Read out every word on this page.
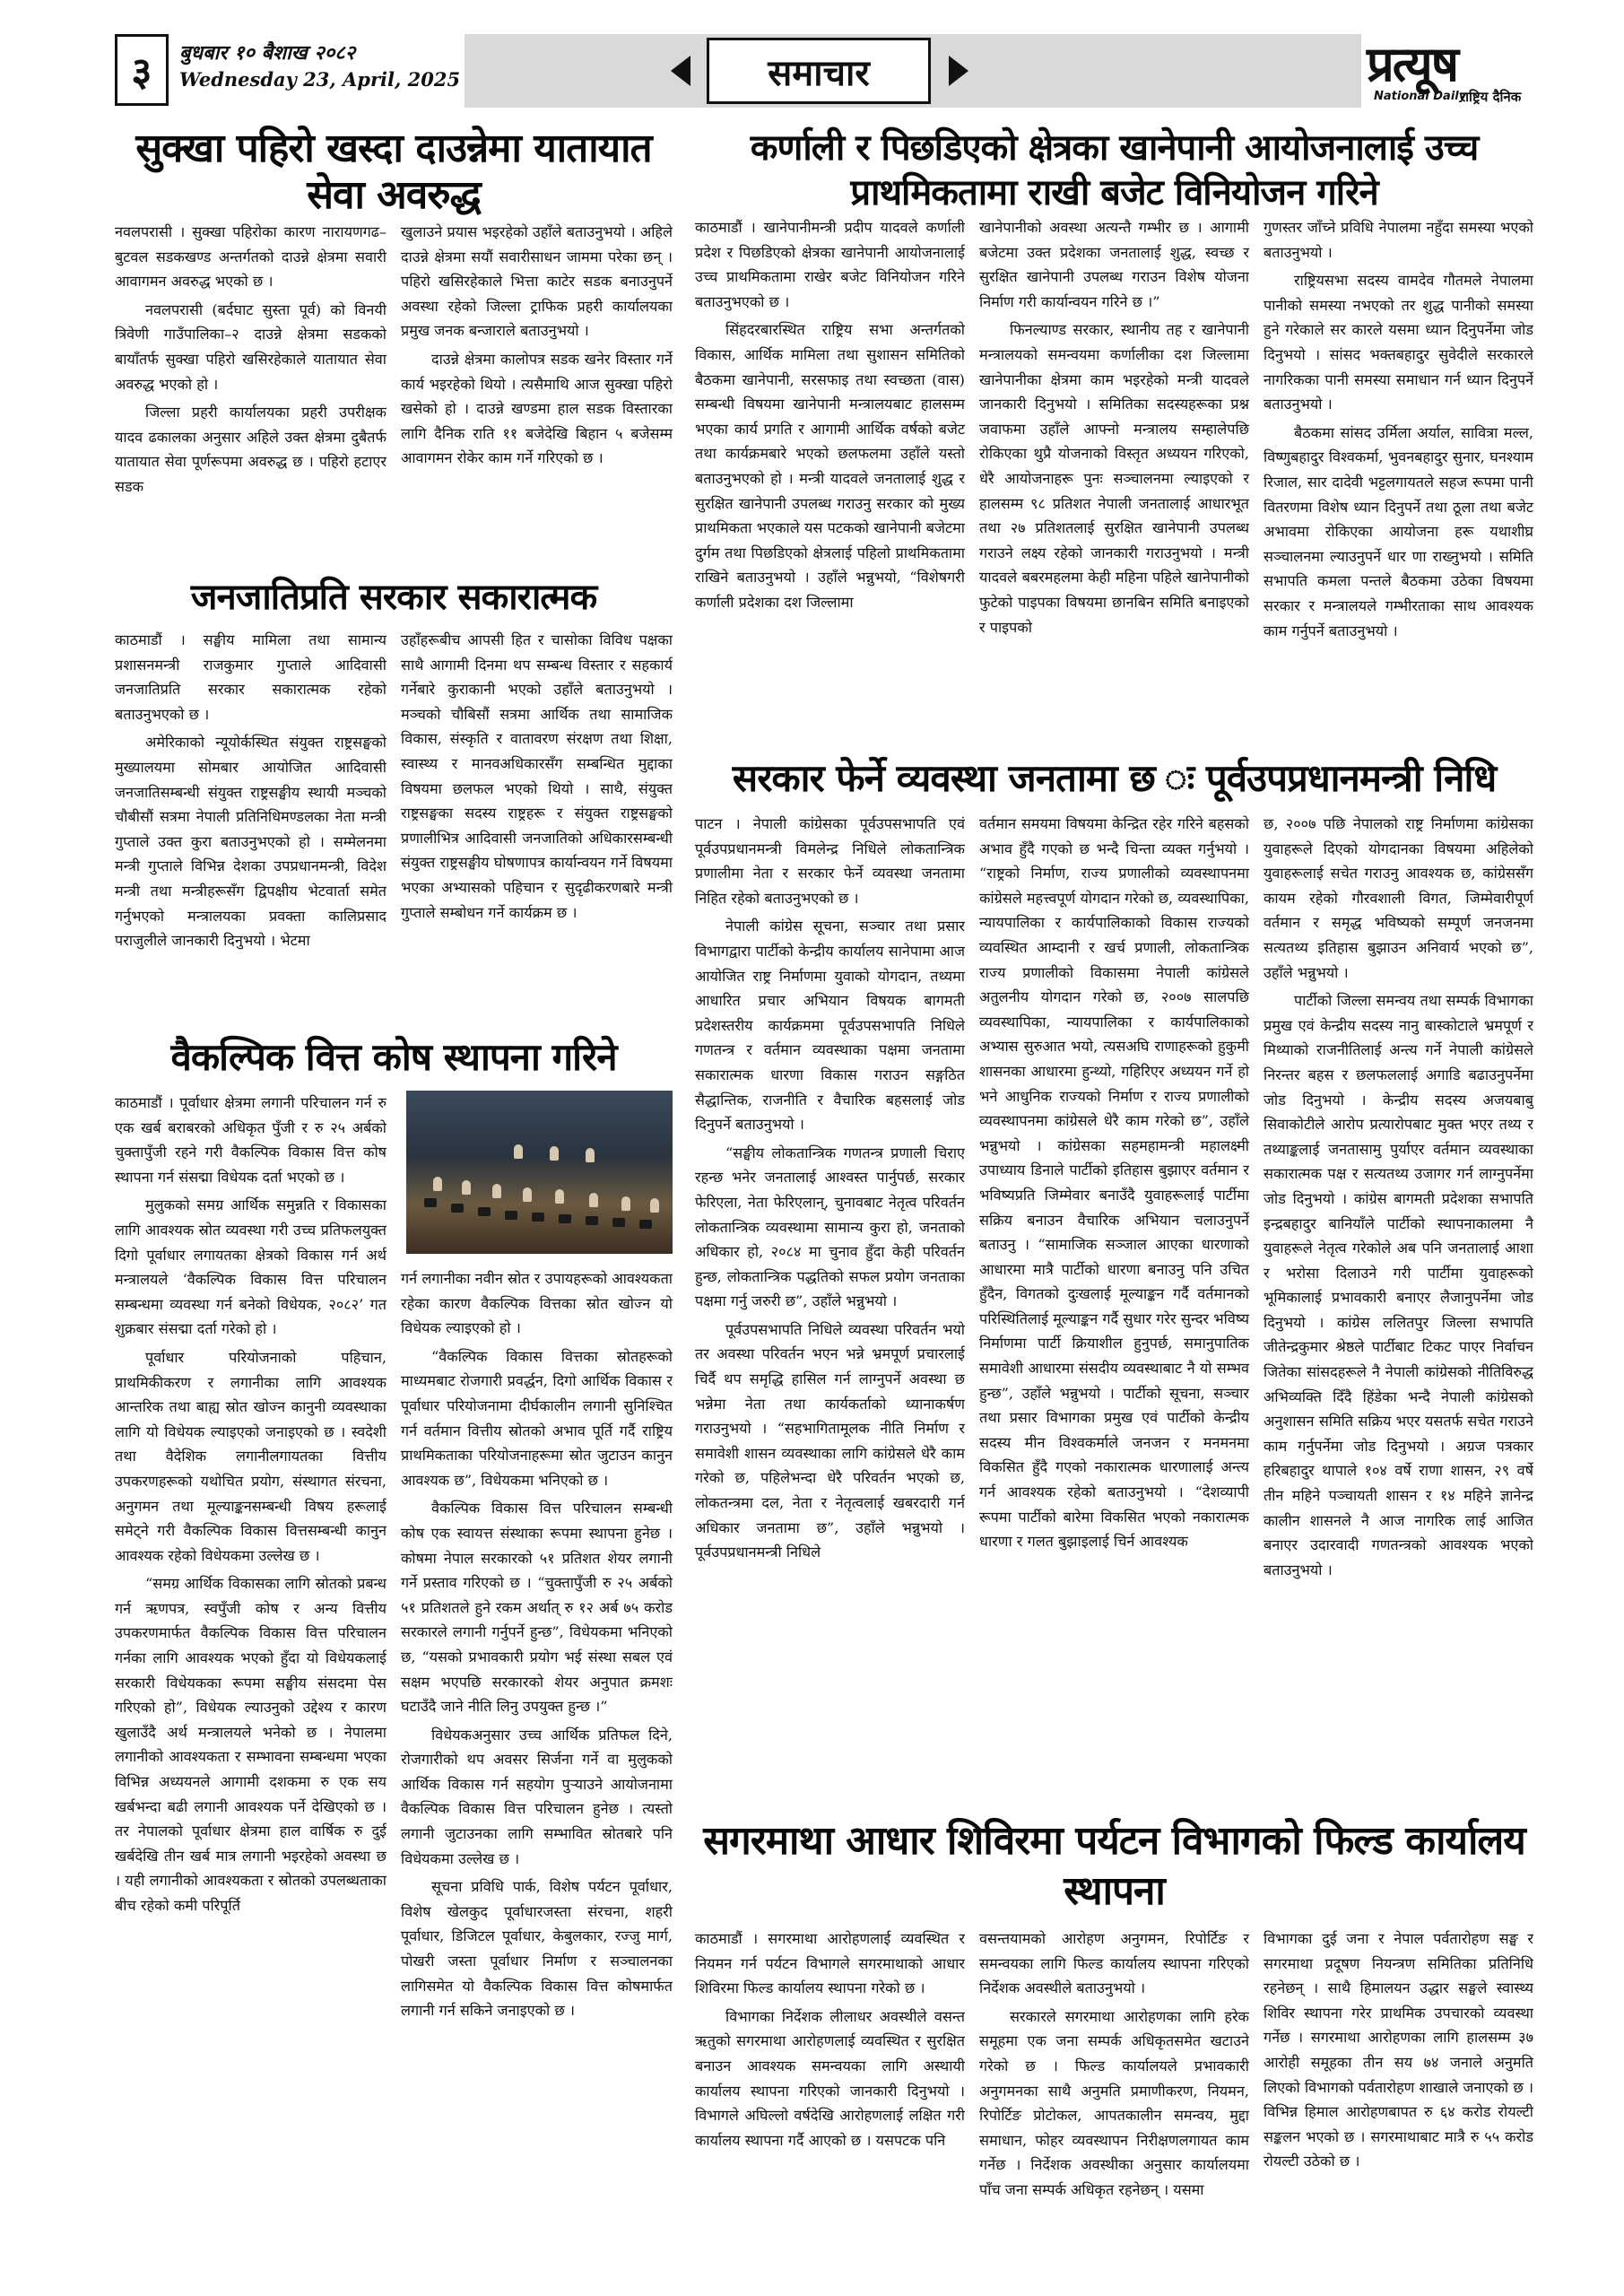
३	बुधबार १० बैशाख २०८२
Wednesday 23, April, 2025	समाचार	प्रत्यूष
National Daily
राष्ट्रिय दैनिक
सुक्खा पहिरो खस्दा दाउन्नेमा यातायात सेवा अवरुद्ध

नवलपरासी । सुक्खा पहिरोका कारण नारायणगढ–बुटवल सडकखण्ड अन्तर्गतको दाउन्ने क्षेत्रमा सवारी आवागमन अवरुद्ध भएको छ ।

नवलपरासी (बर्दघाट सुस्ता पूर्व) को विनयी त्रिवेणी गाउँपालिका–२ दाउन्ने क्षेत्रमा सडकको बायाँतर्फ सुक्खा पहिरो खसिरहेकाले यातायात सेवा अवरुद्ध भएको हो ।

जिल्ला प्रहरी कार्यालयका प्रहरी उपरीक्षक यादव ढकालका अनुसार अहिले उक्त क्षेत्रमा दुबैतर्फ यातायात सेवा पूर्णरूपमा अवरुद्ध छ । पहिरो हटाएर सडक

खुलाउने प्रयास भइरहेको उहाँले बताउनुभयो । अहिले दाउन्ने क्षेत्रमा सयौं सवारीसाधन जाममा परेका छन् । पहिरो खसिरहेकाले भित्ता काटेर सडक बनाउनुपर्ने अवस्था रहेको जिल्ला ट्राफिक प्रहरी कार्यालयका प्रमुख जनक बन्जाराले बताउनुभयो ।

दाउन्ने क्षेत्रमा कालोपत्र सडक खनेर विस्तार गर्ने कार्य भइरहेको थियो । त्यसैमाथि आज सुक्खा पहिरो खसेको हो । दाउन्ने खण्डमा हाल सडक विस्तारका लागि दैनिक राति ११ बजेदेखि बिहान ५ बजेसम्म आवागमन रोकेर काम गर्ने गरिएको छ ।

जनजातिप्रति सरकार सकारात्मक

काठमाडौं । सङ्घीय मामिला तथा सामान्य प्रशासनमन्त्री राजकुमार गुप्ताले आदिवासी जनजातिप्रति सरकार सकारात्मक रहेको बताउनुभएको छ ।

अमेरिकाको न्यूयोर्कस्थित संयुक्त राष्ट्रसङ्घको मुख्यालयमा सोमबार आयोजित आदिवासी जनजातिसम्बन्धी संयुक्त राष्ट्रसङ्घीय स्थायी मञ्चको चौबीसौं सत्रमा नेपाली प्रतिनिधिमण्डलका नेता मन्त्री गुप्ताले उक्त कुरा बताउनुभएको हो । सम्मेलनमा मन्त्री गुप्ताले विभिन्न देशका उपप्रधानमन्त्री, विदेश मन्त्री तथा मन्त्रीहरूसँग द्विपक्षीय भेटवार्ता समेत गर्नुभएको मन्त्रालयका प्रवक्ता कालिप्रसाद पराजुलीले जानकारी दिनुभयो । भेटमा

उहाँहरूबीच आपसी हित र चासोका विविध पक्षका साथै आगामी दिनमा थप सम्बन्ध विस्तार र सहकार्य गर्नेबारे कुराकानी भएको उहाँले बताउनुभयो । मञ्चको चौबिसौं सत्रमा आर्थिक तथा सामाजिक विकास, संस्कृति र वातावरण संरक्षण तथा शिक्षा, स्वास्थ्य र मानवअधिकारसँग सम्बन्धित मुद्दाका विषयमा छलफल भएको थियो । साथै, संयुक्त राष्ट्रसङ्घका सदस्य राष्ट्रहरू र संयुक्त राष्ट्रसङ्घको प्रणालीभित्र आदिवासी जनजातिको अधिकारसम्बन्धी संयुक्त राष्ट्रसङ्घीय घोषणापत्र कार्यान्वयन गर्ने विषयमा भएका अभ्यासको पहिचान र सुदृढीकरणबारे मन्त्री गुप्ताले सम्बोधन गर्ने कार्यक्रम छ ।

वैकल्पिक वित्त कोष स्थापना गरिने

काठमाडौं । पूर्वाधार क्षेत्रमा लगानी परिचालन गर्न रु एक खर्ब बराबरको अधिकृत पुँजी र रु २५ अर्बको चुक्तापुँजी रहने गरी वैकल्पिक विकास वित्त कोष स्थापना गर्न संसद्मा विधेयक दर्ता भएको छ ।

मुलुकको समग्र आर्थिक समुन्नति र विकासका लागि आवश्यक स्रोत व्यवस्था गरी उच्च प्रतिफलयुक्त दिगो पूर्वाधार लगायतका क्षेत्रको विकास गर्न अर्थ मन्त्रालयले ‘वैकल्पिक विकास वित्त परिचालन सम्बन्धमा व्यवस्था गर्न बनेको विधेयक, २०८२’ गत शुक्रबार संसद्मा दर्ता गरेको हो ।

पूर्वाधार परियोजनाको पहिचान, प्राथमिकीकरण र लगानीका लागि आवश्यक आन्तरिक तथा बाह्य स्रोत खोज्न कानुनी व्यवस्थाका लागि यो विधेयक ल्याइएको जनाइएको छ । स्वदेशी तथा वैदेशिक लगानीलगायतका वित्तीय उपकरणहरूको यथोचित प्रयोग, संस्थागत संरचना, अनुगमन तथा मूल्याङ्कनसम्बन्धी विषय हरूलाई समेट्ने गरी वैकल्पिक विकास वित्तसम्बन्धी कानुन आवश्यक रहेको विधेयकमा उल्लेख छ ।

“समग्र आर्थिक विकासका लागि स्रोतको प्रबन्ध गर्न ऋणपत्र, स्वपुँजी कोष र अन्य वित्तीय उपकरणमार्फत वैकल्पिक विकास वित्त परिचालन गर्नका लागि आवश्यक भएको हुँदा यो विधेयकलाई सरकारी विधेयकका रूपमा सङ्घीय संसदमा पेस गरिएको हो”, विधेयक ल्याउनुको उद्देश्य र कारण खुलाउँदै अर्थ मन्त्रालयले भनेको छ । नेपालमा लगानीको आवश्यकता र सम्भावना सम्बन्धमा भएका विभिन्न अध्ययनले आगामी दशकमा रु एक सय खर्बभन्दा बढी लगानी आवश्यक पर्ने देखिएको छ । तर नेपालको पूर्वाधार क्षेत्रमा हाल वार्षिक रु दुई खर्बदेखि तीन खर्ब मात्र लगानी भइरहेको अवस्था छ । यही लगानीको आवश्यकता र स्रोतको उपलब्धताका बीच रहेको कमी परिपूर्ति

गर्न लगानीका नवीन स्रोत र उपायहरूको आवश्यकता रहेका कारण वैकल्पिक वित्तका स्रोत खोज्न यो विधेयक ल्याइएको हो ।

“वैकल्पिक विकास वित्तका स्रोतहरूको माध्यमबाट रोजगारी प्रवर्द्धन, दिगो आर्थिक विकास र पूर्वाधार परियोजनामा दीर्घकालीन लगानी सुनिश्चित गर्न वर्तमान वित्तीय स्रोतको अभाव पूर्ति गर्दै राष्ट्रिय प्राथमिकताका परियोजनाहरूमा स्रोत जुटाउन कानुन आवश्यक छ”, विधेयकमा भनिएको छ ।

वैकल्पिक विकास वित्त परिचालन सम्बन्धी कोष एक स्वायत्त संस्थाका रूपमा स्थापना हुनेछ । कोषमा नेपाल सरकारको ५१ प्रतिशत शेयर लगानी गर्ने प्रस्ताव गरिएको छ । “चुक्तापुँजी रु २५ अर्बको ५१ प्रतिशतले हुने रकम अर्थात् रु १२ अर्ब ७५ करोड सरकारले लगानी गर्नुपर्ने हुन्छ”, विधेयकमा भनिएको छ, “यसको प्रभावकारी प्रयोग भई संस्था सबल एवं सक्षम भएपछि सरकारको शेयर अनुपात क्रमशः घटाउँदै जाने नीति लिनु उपयुक्त हुन्छ ।”

विधेयकअनुसार उच्च आर्थिक प्रतिफल दिने, रोजगारीको थप अवसर सिर्जना गर्ने वा मुलुकको आर्थिक विकास गर्न सहयोग पुऱ्याउने आयोजनामा वैकल्पिक विकास वित्त परिचालन हुनेछ । त्यस्तो लगानी जुटाउनका लागि सम्भावित स्रोतबारे पनि विधेयकमा उल्लेख छ ।

सूचना प्रविधि पार्क, विशेष पर्यटन पूर्वाधार, विशेष खेलकुद पूर्वाधारजस्ता संरचना, शहरी पूर्वाधार, डिजिटल पूर्वाधार, केबुलकार, रज्जु मार्ग, पोखरी जस्ता पूर्वाधार निर्माण र सञ्चालनका लागिसमेत यो वैकल्पिक विकास वित्त कोषमार्फत लगानी गर्न सकिने जनाइएको छ ।

कर्णाली र पिछडिएको क्षेत्रका खानेपानी आयोजनालाई उच्च प्राथमिकतामा राखी बजेट विनियोजन गरिने

काठमाडौं । खानेपानीमन्त्री प्रदीप यादवले कर्णाली प्रदेश र पिछडिएको क्षेत्रका खानेपानी आयोजनालाई उच्च प्राथमिकतामा राखेर बजेट विनियोजन गरिने बताउनुभएको छ ।

सिंहदरबारस्थित राष्ट्रिय सभा अन्तर्गतको विकास, आर्थिक मामिला तथा सुशासन समितिको बैठकमा खानेपानी, सरसफाइ तथा स्वच्छता (वास) सम्बन्धी विषयमा खानेपानी मन्त्रालयबाट हालसम्म भएका कार्य प्रगति र आगामी आर्थिक वर्षको बजेट तथा कार्यक्रमबारे भएको छलफलमा उहाँले यस्तो बताउनुभएको हो । मन्त्री यादवले जनतालाई शुद्ध र सुरक्षित खानेपानी उपलब्ध गराउनु सरकार को मुख्य प्राथमिकता भएकाले यस पटकको खानेपानी बजेटमा दुर्गम तथा पिछडिएको क्षेत्रलाई पहिलो प्राथमिकतामा राखिने बताउनुभयो । उहाँले भन्नुभयो, “विशेषगरी कर्णाली प्रदेशका दश जिल्लामा

खानेपानीको अवस्था अत्यन्तै गम्भीर छ । आगामी बजेटमा उक्त प्रदेशका जनतालाई शुद्ध, स्वच्छ र सुरक्षित खानेपानी उपलब्ध गराउन विशेष योजना निर्माण गरी कार्यान्वयन गरिने छ ।”

फिनल्याण्ड सरकार, स्थानीय तह र खानेपानी मन्त्रालयको समन्वयमा कर्णालीका दश जिल्लामा खानेपानीका क्षेत्रमा काम भइरहेको मन्त्री यादवले जानकारी दिनुभयो । समितिका सदस्यहरूका प्रश्न जवाफमा उहाँले आफ्नो मन्त्रालय सम्हालेपछि रोकिएका थुप्रै योजनाको विस्तृत अध्ययन गरिएको, धेरै आयोजनाहरू पुनः सञ्चालनमा ल्याइएको र हालसम्म ९८ प्रतिशत नेपाली जनतालाई आधारभूत तथा २७ प्रतिशतलाई सुरक्षित खानेपानी उपलब्ध गराउने लक्ष्य रहेको जानकारी गराउनुभयो । मन्त्री यादवले बबरमहलमा केही महिना पहिले खानेपानीको फुटेको पाइपका विषयमा छानबिन समिति बनाइएको र पाइपको

गुणस्तर जाँच्ने प्रविधि नेपालमा नहुँदा समस्या भएको बताउनुभयो ।

राष्ट्रियसभा सदस्य वामदेव गौतमले नेपालमा पानीको समस्या नभएको तर शुद्ध पानीको समस्या हुने गरेकाले सर कारले यसमा ध्यान दिनुपर्नेमा जोड दिनुभयो । सांसद भक्तबहादुर सुवेदीले सरकारले नागरिकका पानी समस्या समाधान गर्न ध्यान दिनुपर्ने बताउनुभयो ।

बैठकमा सांसद उर्मिला अर्याल, सावित्रा मल्ल, विष्णुबहादुर विश्वकर्मा, भुवनबहादुर सुनार, घनश्याम रिजाल, सार दादेवी भट्टलगायतले सहज रूपमा पानी वितरणमा विशेष ध्यान दिनुपर्ने तथा ठूला तथा बजेट अभावमा रोकिएका आयोजना हरू यथाशीघ्र सञ्चालनमा ल्याउनुपर्ने धार णा राख्नुभयो । समिति सभापति कमला पन्तले बैठकमा उठेका विषयमा सरकार र मन्त्रालयले गम्भीरताका साथ आवश्यक काम गर्नुपर्ने बताउनुभयो ।

सरकार फेर्ने व्यवस्था जनतामा छ ः पूर्वउपप्रधानमन्त्री निधि

पाटन । नेपाली कांग्रेसका पूर्वउपसभापति एवं पूर्वउपप्रधानमन्त्री विमलेन्द्र निधिले लोकतान्त्रिक प्रणालीमा नेता र सरकार फेर्ने व्यवस्था जनतामा निहित रहेको बताउनुभएको छ ।

नेपाली कांग्रेस सूचना, सञ्चार तथा प्रसार विभागद्वारा पार्टीको केन्द्रीय कार्यालय सानेपामा आज आयोजित राष्ट्र निर्माणमा युवाको योगदान, तथ्यमा आधारित प्रचार अभियान विषयक बागमती प्रदेशस्तरीय कार्यक्रममा पूर्वउपसभापति निधिले गणतन्त्र र वर्तमान व्यवस्थाका पक्षमा जनतामा सकारात्मक धारणा विकास गराउन सङ्गठित सैद्धान्तिक, राजनीति र वैचारिक बहसलाई जोड दिनुपर्ने बताउनुभयो ।

“सङ्घीय लोकतान्त्रिक गणतन्त्र प्रणाली चिराए रहन्छ भनेर जनतालाई आश्वस्त पार्नुपर्छ, सरकार फेरिएला, नेता फेरिएलान्, चुनावबाट नेतृत्व परिवर्तन लोकतान्त्रिक व्यवस्थामा सामान्य कुरा हो, जनताको अधिकार हो, २०८४ मा चुनाव हुँदा केही परिवर्तन हुन्छ, लोकतान्त्रिक पद्धतिको सफल प्रयोग जनताका पक्षमा गर्नु जरुरी छ”, उहाँले भन्नुभयो ।

पूर्वउपसभापति निधिले व्यवस्था परिवर्तन भयो तर अवस्था परिवर्तन भएन भन्ने भ्रमपूर्ण प्रचारलाई चिर्दै थप समृद्धि हासिल गर्न लाग्नुपर्ने अवस्था छ भन्नेमा नेता तथा कार्यकर्ताको ध्यानाकर्षण गराउनुभयो । “सहभागितामूलक नीति निर्माण र समावेशी शासन व्यवस्थाका लागि कांग्रेसले धेरै काम गरेको छ, पहिलेभन्दा धेरै परिवर्तन भएको छ, लोकतन्त्रमा दल, नेता र नेतृत्वलाई खबरदारी गर्न अधिकार जनतामा छ”, उहाँले भन्नुभयो । पूर्वउपप्रधानमन्त्री निधिले

वर्तमान समयमा विषयमा केन्द्रित रहेर गरिने बहसको अभाव हुँदै गएको छ भन्दै चिन्ता व्यक्त गर्नुभयो । “राष्ट्रको निर्माण, राज्य प्रणालीको व्यवस्थापनमा कांग्रेसले महत्त्वपूर्ण योगदान गरेको छ, व्यवस्थापिका, न्यायपालिका र कार्यपालिकाको विकास राज्यको व्यवस्थित आम्दानी र खर्च प्रणाली, लोकतान्त्रिक राज्य प्रणालीको विकासमा नेपाली कांग्रेसले अतुलनीय योगदान गरेको छ, २००७ सालपछि व्यवस्थापिका, न्यायपालिका र कार्यपालिकाको अभ्यास सुरुआत भयो, त्यसअघि राणाहरूको हुकुमी शासनका आधारमा हुन्थ्यो, गहिरिएर अध्ययन गर्ने हो भने आधुनिक राज्यको निर्माण र राज्य प्रणालीको व्यवस्थापनमा कांग्रेसले धेरै काम गरेको छ”, उहाँले भन्नुभयो । कांग्रेसका सहमहामन्त्री महालक्ष्मी उपाध्याय डिनाले पार्टीको इतिहास बुझाएर वर्तमान र भविष्यप्रति जिम्मेवार बनाउँदै युवाहरूलाई पार्टीमा सक्रिय बनाउन वैचारिक अभियान चलाउनुपर्ने बताउनु । “सामाजिक सञ्जाल आएका धारणाको आधारमा मात्रै पार्टीको धारणा बनाउनु पनि उचित हुँदैन, विगतको दुःखलाई मूल्याङ्कन गर्दै वर्तमानको परिस्थितिलाई मूल्याङ्कन गर्दै सुधार गरेर सुन्दर भविष्य निर्माणमा पार्टी क्रियाशील हुनुपर्छ, समानुपातिक समावेशी आधारमा संसदीय व्यवस्थाबाट नै यो सम्भव हुन्छ”, उहाँले भन्नुभयो । पार्टीको सूचना, सञ्चार तथा प्रसार विभागका प्रमुख एवं पार्टीको केन्द्रीय सदस्य मीन विश्वकर्माले जनजन र मनमनमा विकसित हुँदै गएको नकारात्मक धारणालाई अन्त्य गर्न आवश्यक रहेको बताउनुभयो । “देशव्यापी रूपमा पार्टीको बारेमा विकसित भएको नकारात्मक धारणा र गलत बुझाइलाई चिर्न आवश्यक

छ, २००७ पछि नेपालको राष्ट्र निर्माणमा कांग्रेसका युवाहरूले दिएको योगदानका विषयमा अहिलेको युवाहरूलाई सचेत गराउनु आवश्यक छ, कांग्रेससँग कायम रहेको गौरवशाली विगत, जिम्मेवारीपूर्ण वर्तमान र समृद्ध भविष्यको सम्पूर्ण जनजनमा सत्यतथ्य इतिहास बुझाउन अनिवार्य भएको छ”, उहाँले भन्नुभयो ।

पार्टीको जिल्ला समन्वय तथा सम्पर्क विभागका प्रमुख एवं केन्द्रीय सदस्य नानु बास्कोटाले भ्रमपूर्ण र मिथ्याको राजनीतिलाई अन्त्य गर्ने नेपाली कांग्रेसले निरन्तर बहस र छलफललाई अगाडि बढाउनुपर्नेमा जोड दिनुभयो । केन्द्रीय सदस्य अजयबाबु सिवाकोटीले आरोप प्रत्यारोपबाट मुक्त भएर तथ्य र तथ्याङ्कलाई जनतासामु पुर्याएर वर्तमान व्यवस्थाका सकारात्मक पक्ष र सत्यतथ्य उजागर गर्न लाग्नुपर्नेमा जोड दिनुभयो । कांग्रेस बागमती प्रदेशका सभापति इन्द्रबहादुर बानियाँले पार्टीको स्थापनाकालमा नै युवाहरूले नेतृत्व गरेकोले अब पनि जनतालाई आशा र भरोसा दिलाउने गरी पार्टीमा युवाहरूको भूमिकालाई प्रभावकारी बनाएर लैजानुपर्नेमा जोड दिनुभयो । कांग्रेस ललितपुर जिल्ला सभापति जीतेन्द्रकुमार श्रेष्ठले पार्टीबाट टिकट पाएर निर्वाचन जितेका सांसदहरूले नै नेपाली कांग्रेसको नीतिविरुद्ध अभिव्यक्ति दिँदै हिंडेका भन्दै नेपाली कांग्रेसको अनुशासन समिति सक्रिय भएर यसतर्फ सचेत गराउने काम गर्नुपर्नेमा जोड दिनुभयो । अग्रज पत्रकार हरिबहादुर थापाले १०४ वर्षे राणा शासन, २९ वर्षे तीन महिने पञ्चायती शासन र १४ महिने ज्ञानेन्द्र कालीन शासनले नै आज नागरिक लाई आजित बनाएर उदारवादी गणतन्त्रको आवश्यक भएको बताउनुभयो ।

सगरमाथा आधार शिविरमा पर्यटन विभागको फिल्ड कार्यालय स्थापना

काठमाडौं । सगरमाथा आरोहणलाई व्यवस्थित र नियमन गर्न पर्यटन विभागले सगरमाथाको आधार शिविरमा फिल्ड कार्यालय स्थापना गरेको छ ।

विभागका निर्देशक लीलाधर अवस्थीले वसन्त ऋतुको सगरमाथा आरोहणलाई व्यवस्थित र सुरक्षित बनाउन आवश्यक समन्वयका लागि अस्थायी कार्यालय स्थापना गरिएको जानकारी दिनुभयो । विभागले अघिल्लो वर्षदेखि आरोहणलाई लक्षित गरी कार्यालय स्थापना गर्दै आएको छ । यसपटक पनि

वसन्तयामको आरोहण अनुगमन, रिपोर्टिङ र समन्वयका लागि फिल्ड कार्यालय स्थापना गरिएको निर्देशक अवस्थीले बताउनुभयो ।

सरकारले सगरमाथा आरोहणका लागि हरेक समूहमा एक जना सम्पर्क अधिकृतसमेत खटाउने गरेको छ । फिल्ड कार्यालयले प्रभावकारी अनुगमनका साथै अनुमति प्रमाणीकरण, नियमन, रिपोर्टिङ प्रोटोकल, आपतकालीन समन्वय, मुद्दा समाधान, फोहर व्यवस्थापन निरीक्षणलगायत काम गर्नेछ । निर्देशक अवस्थीका अनुसार कार्यालयमा पाँच जना सम्पर्क अधिकृत रहनेछन् । यसमा

विभागका दुई जना र नेपाल पर्वतारोहण सङ्घ र सगरमाथा प्रदूषण नियन्त्रण समितिका प्रतिनिधि रहनेछन् । साथै हिमालयन उद्धार सङ्घले स्वास्थ्य शिविर स्थापना गरेर प्राथमिक उपचारको व्यवस्था गर्नेछ । सगरमाथा आरोहणका लागि हालसम्म ३७ आरोही समूहका तीन सय ७४ जनाले अनुमति लिएको विभागको पर्वतारोहण शाखाले जनाएको छ । विभिन्न हिमाल आरोहणबापत रु ६४ करोड रोयल्टी सङ्कलन भएको छ । सगरमाथाबाट मात्रै रु ५५ करोड रोयल्टी उठेको छ ।
